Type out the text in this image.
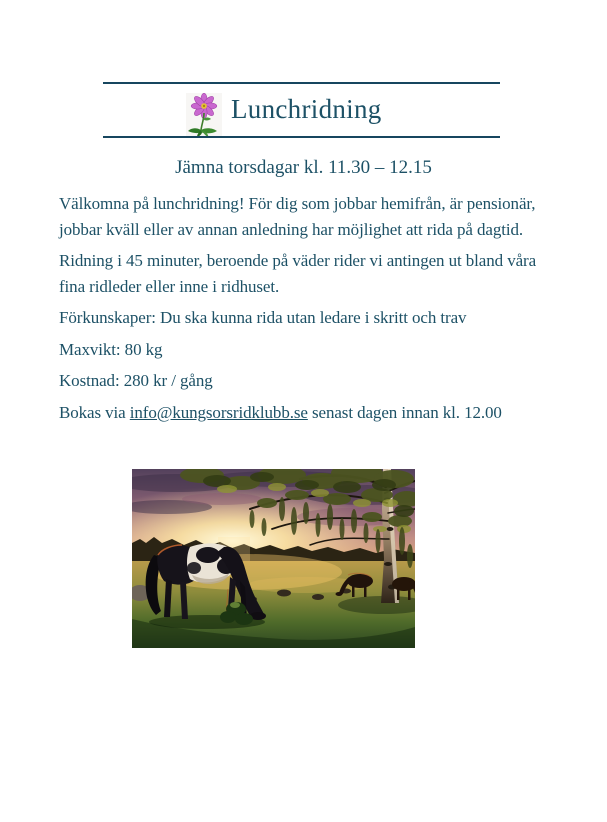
Lunchridning

Jämna torsdagar kl. 11.30 – 12.15

Välkomna på lunchridning! För dig som jobbar hemifrån, är pensionär, jobbar kväll eller av annan anledning har möjlighet att rida på dagtid.

Ridning i 45 minuter, beroende på väder rider vi antingen ut bland våra fina ridleder eller inne i ridhuset.

Förkunskaper: Du ska kunna rida utan ledare i skritt och trav

Maxvikt: 80 kg

Kostnad: 280 kr / gång

Bokas via info@kungsorsridklubb.se senast dagen innan kl. 12.00
